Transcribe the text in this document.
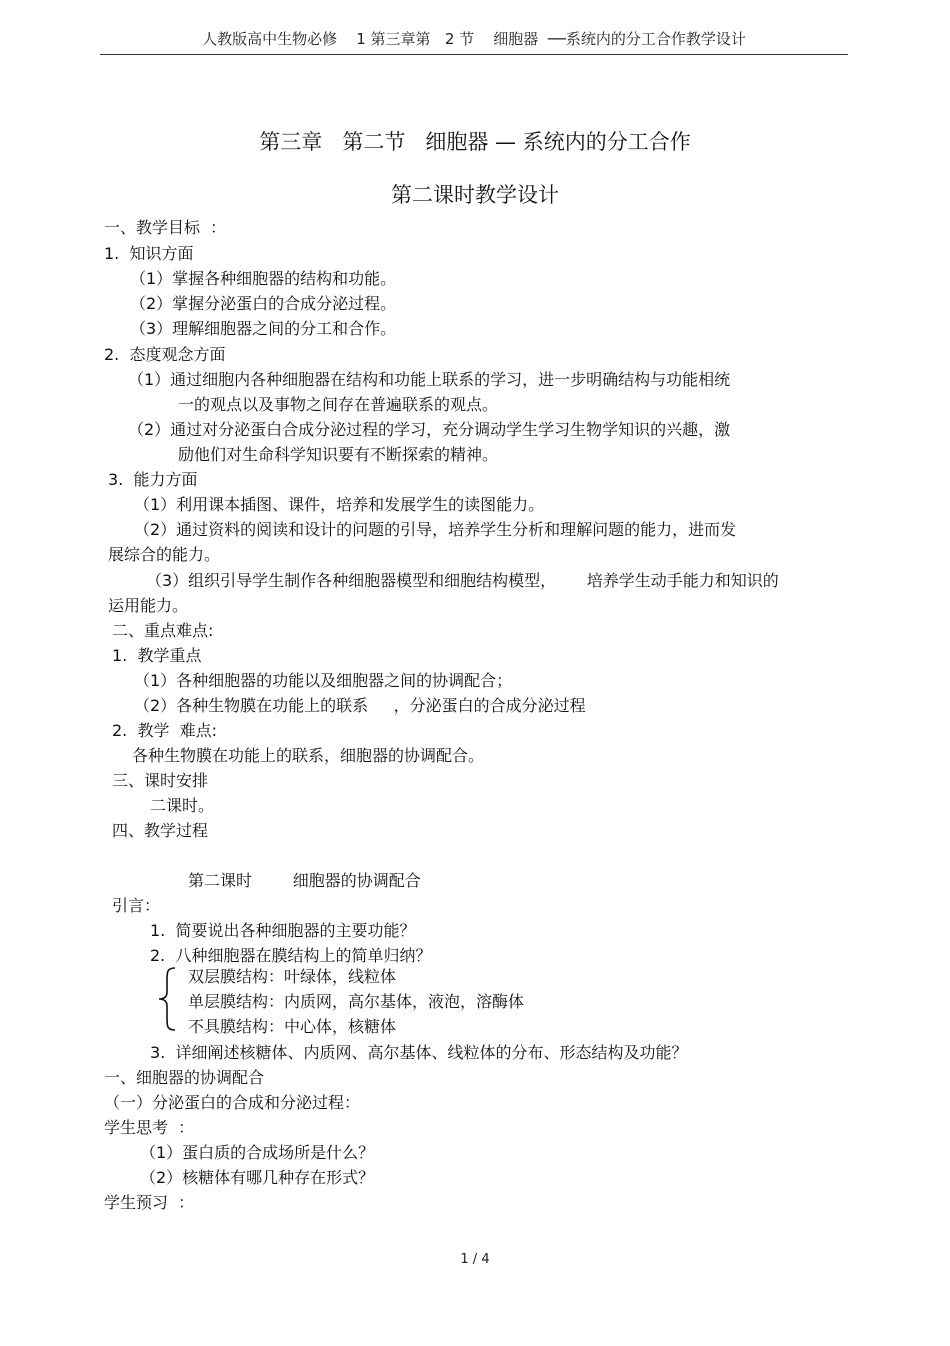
人教版高中生物必修    1 第三章第   2 节    细胞器  ──系统内的分工合作教学设计
第三章   第二节   细胞器 — 系统内的分工合作
第二课时教学设计
一、教学目标  ：
1.  知识方面
（1）掌握各种细胞器的结构和功能。
（2）掌握分泌蛋白的合成分泌过程。
（3）理解细胞器之间的分工和合作。
2.  态度观念方面
（1）通过细胞内各种细胞器在结构和功能上联系的学习，进一步明确结构与功能相统
一的观点以及事物之间存在普遍联系的观点。
（2）通过对分泌蛋白合成分泌过程的学习，充分调动学生学习生物学知识的兴趣，激
励他们对生命科学知识要有不断探索的精神。
3.  能力方面
（1）利用课本插图、课件，培养和发展学生的读图能力。
（2）通过资料的阅读和设计的问题的引导，培养学生分析和理解问题的能力，进而发
展综合的能力。
（3）组织引导学生制作各种细胞器模型和细胞结构模型，      培养学生动手能力和知识的
运用能力。
二、重点难点:
1.  教学重点
（1）各种细胞器的功能以及细胞器之间的协调配合；
（2）各种生物膜在功能上的联系     ，分泌蛋白的合成分泌过程
2.  教学  难点:
各种生物膜在功能上的联系，细胞器的协调配合。
三、课时安排
二课时。
四、教学过程
第二课时        细胞器的协调配合
引言：
1.  简要说出各种细胞器的主要功能？
2.  八种细胞器在膜结构上的简单归纳？
双层膜结构：叶绿体，线粒体
单层膜结构：内质网，高尔基体，液泡，溶酶体
不具膜结构：中心体，核糖体
3.  详细阐述核糖体、内质网、高尔基体、线粒体的分布、形态结构及功能？
一、细胞器的协调配合
（一）分泌蛋白的合成和分泌过程：
学生思考  ：
（1）蛋白质的合成场所是什么？
（2）核糖体有哪几种存在形式？
学生预习  ：
1 / 4
